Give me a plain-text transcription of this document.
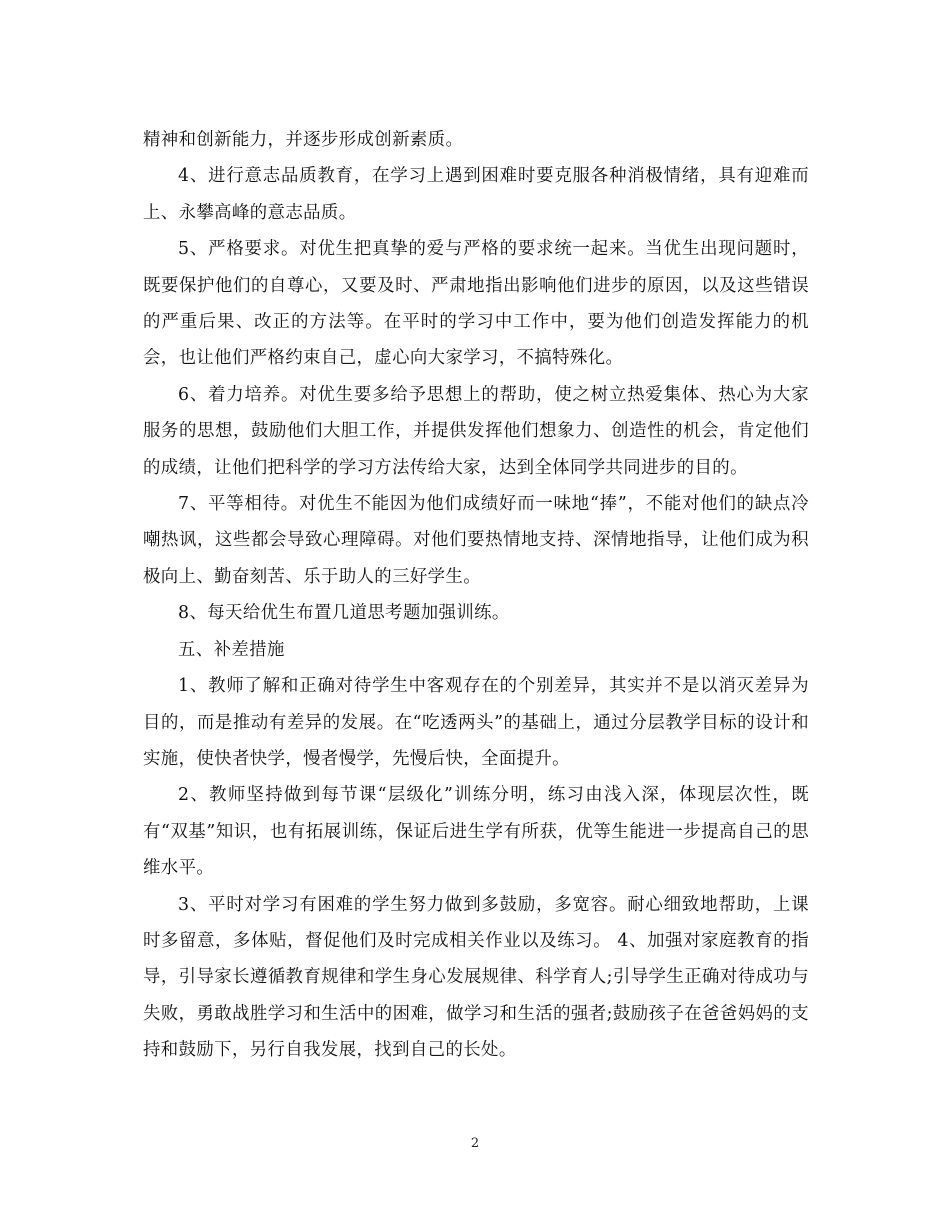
精神和创新能力，并逐步形成创新素质。

4、进行意志品质教育，在学习上遇到困难时要克服各种消极情绪，具有迎难而上、永攀高峰的意志品质。

5、严格要求。对优生把真挚的爱与严格的要求统一起来。当优生出现问题时，既要保护他们的自尊心，又要及时、严肃地指出影响他们进步的原因，以及这些错误的严重后果、改正的方法等。在平时的学习中工作中，要为他们创造发挥能力的机会，也让他们严格约束自己，虚心向大家学习，不搞特殊化。

6、着力培养。对优生要多给予思想上的帮助，使之树立热爱集体、热心为大家服务的思想，鼓励他们大胆工作，并提供发挥他们想象力、创造性的机会，肯定他们的成绩，让他们把科学的学习方法传给大家，达到全体同学共同进步的目的。

7、平等相待。对优生不能因为他们成绩好而一味地“捧”，不能对他们的缺点冷嘲热讽，这些都会导致心理障碍。对他们要热情地支持、深情地指导，让他们成为积极向上、勤奋刻苦、乐于助人的三好学生。

8、每天给优生布置几道思考题加强训练。

五、补差措施

1、教师了解和正确对待学生中客观存在的个别差异，其实并不是以消灭差异为目的，而是推动有差异的发展。在“吃透两头”的基础上，通过分层教学目标的设计和实施，使快者快学，慢者慢学，先慢后快，全面提升。

2、教师坚持做到每节课“层级化”训练分明，练习由浅入深，体现层次性，既有“双基”知识，也有拓展训练，保证后进生学有所获，优等生能进一步提高自己的思维水平。

3、平时对学习有困难的学生努力做到多鼓励，多宽容。耐心细致地帮助，上课时多留意，多体贴，督促他们及时完成相关作业以及练习。 4、加强对家庭教育的指导，引导家长遵循教育规律和学生身心发展规律、科学育人;引导学生正确对待成功与失败，勇敢战胜学习和生活中的困难，做学习和生活的强者;鼓励孩子在爸爸妈妈的支持和鼓励下，另行自我发展，找到自己的长处。

2
